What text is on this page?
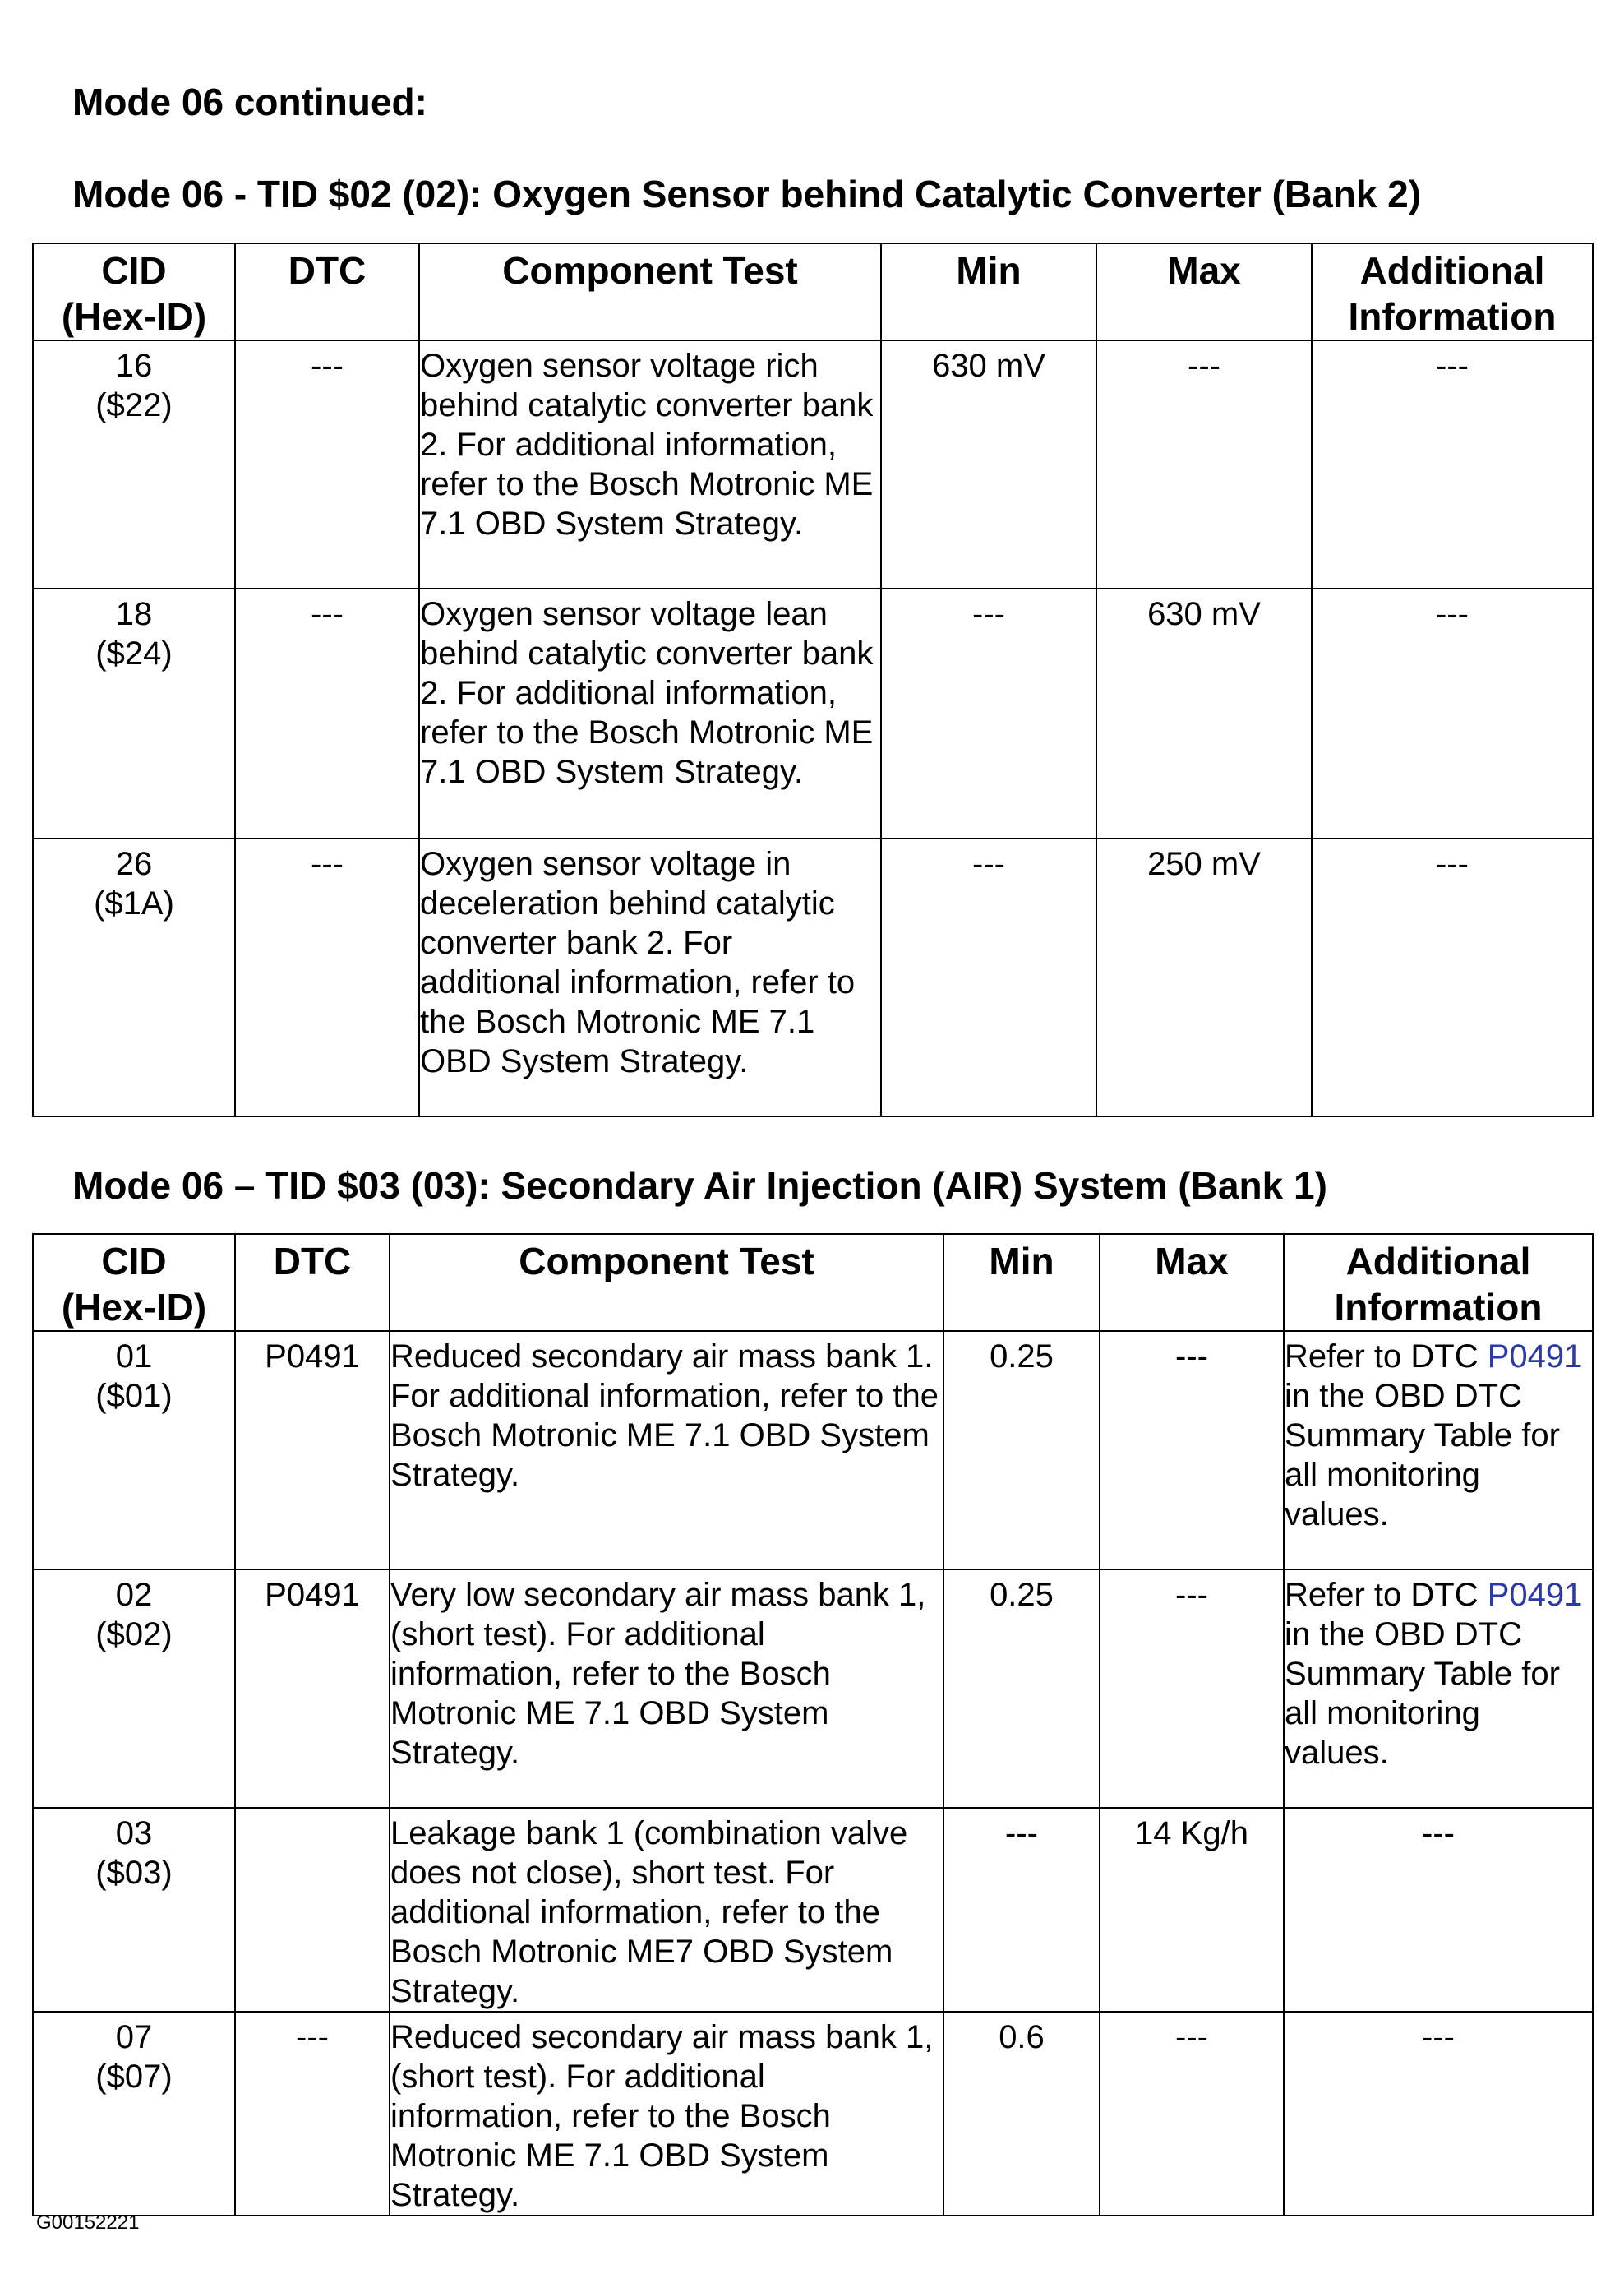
Mode 06 continued:
Mode 06 - TID $02 (02): Oxygen Sensor behind Catalytic Converter (Bank 2)
CID
(Hex-ID)	DTC	Component Test	Min	Max	Additional
Information

16
($22)	---	Oxygen sensor voltage rich behind catalytic converter bank 2. For additional information, refer to the Bosch Motronic ME 7.1 OBD System Strategy.	630 mV	---	---

18
($24)	---	Oxygen sensor voltage lean behind catalytic converter bank 2. For additional information, refer to the Bosch Motronic ME 7.1 OBD System Strategy.	---	630 mV	---

26
($1A)	---	Oxygen sensor voltage in deceleration behind catalytic converter bank 2. For additional information, refer to the Bosch Motronic ME 7.1 OBD System Strategy.	---	250 mV	---
Mode 06 – TID $03 (03): Secondary Air Injection (AIR) System (Bank 1)
CID
(Hex-ID)	DTC	Component Test	Min	Max	Additional
Information

01
($01)	P0491	Reduced secondary air mass bank 1. For additional information, refer to the Bosch Motronic ME 7.1 OBD System Strategy.	0.25	---	Refer to DTC P0491 in the OBD DTC Summary Table for all monitoring values.

02
($02)	P0491	Very low secondary air mass bank 1, (short test). For additional information, refer to the Bosch Motronic ME 7.1 OBD System Strategy.	0.25	---	Refer to DTC P0491 in the OBD DTC Summary Table for all monitoring values.

03
($03)		Leakage bank 1 (combination valve does not close), short test. For additional information, refer to the Bosch Motronic ME7 OBD System Strategy.	---	14 Kg/h	---

07
($07)	---	Reduced secondary air mass bank 1, (short test). For additional information, refer to the Bosch Motronic ME 7.1 OBD System Strategy.	0.6	---	---
G00152221
